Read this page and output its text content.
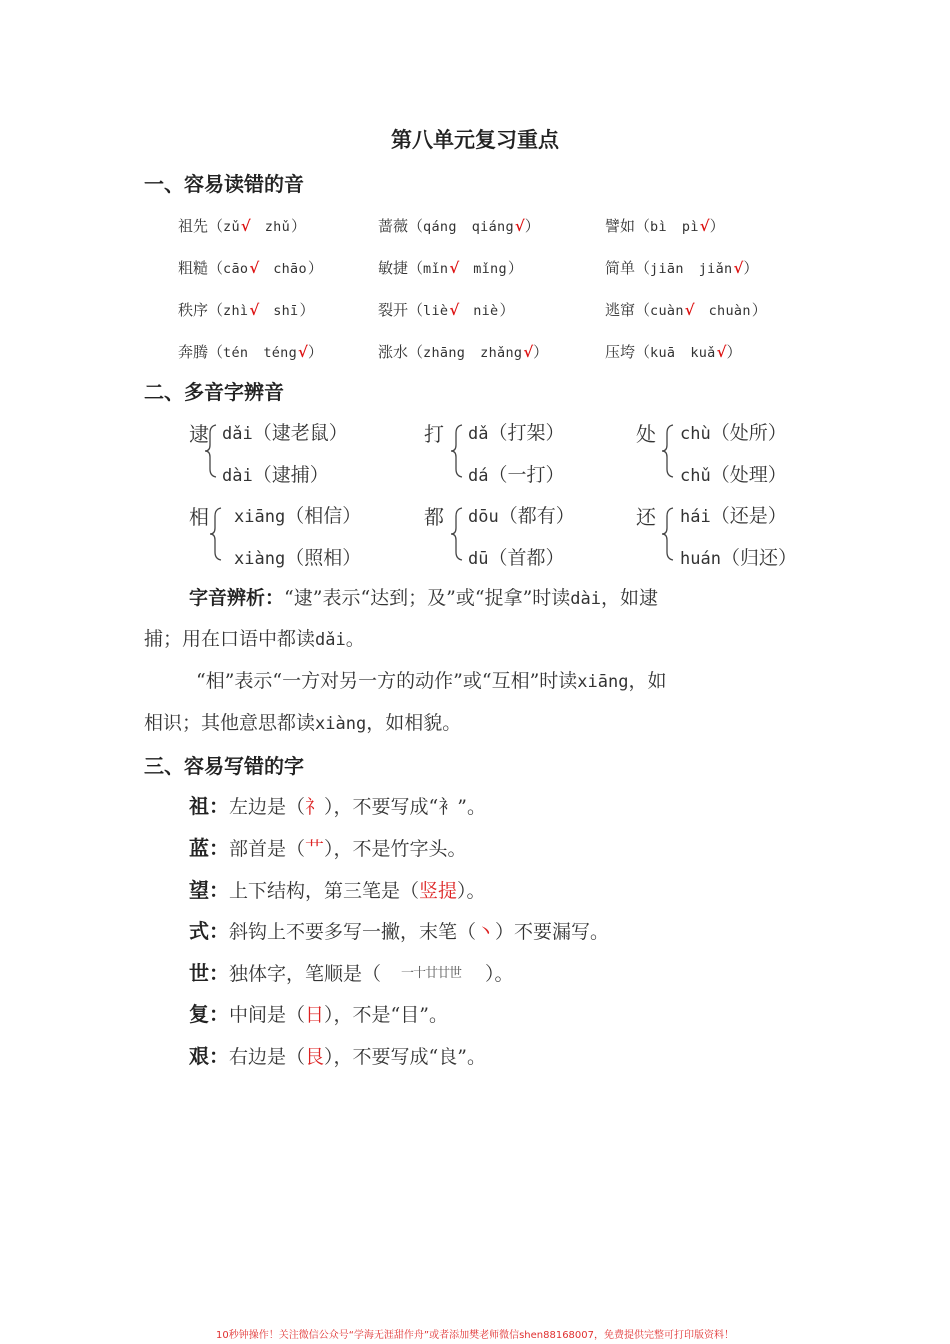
第八单元复习重点
一、容易读错的音
祖先（zǔ√ zhǔ）	蔷薇（qáng qiáng√）	譬如（bì pì√）
粗糙（cāo√ chāo）	敏捷（mǐn√ mǐng）	简单（jiān jiǎn√）
秩序（zhì√ shī）	裂开（liè√ niè）	逃窜（cuàn√ chuàn）
奔腾（tén téng√）	涨水（zhāng zhǎng√）	压垮（kuā kuǎ√）
二、多音字辨音
逮 dǎi（逮老鼠）
dài（逮捕）
打 dǎ（打架）
dá（一打）
处 chù（处所）
chǔ（处理）
相 xiāng（相信）
xiàng（照相）
都 dōu（都有）
dū（首都）
还 hái（还是）
huán（归还）
字音辨析：“逮”表示“达到；及”或“捉拿”时读dài，如逮
捕；用在口语中都读dǎi。
“相”表示“一方对另一方的动作”或“互相”时读xiāng，如
相识；其他意思都读xiàng，如相貌。
三、容易写错的字
祖：左边是（礻），不要写成“衤”。
蓝：部首是（艹），不是竹字头。
望：上下结构，第三笔是（竖提）。
式：斜钩上不要多写一撇，末笔（丶）不要漏写。
世：独体字，笔顺是（ 一十廿廿世 ）。
复：中间是（日），不是“目”。
艰：右边是（艮），不要写成“良”。
10秒钟操作！关注微信公众号“学海无涯甜作舟”或者添加樊老师微信shen88168007，免费提供完整可打印版资料！
